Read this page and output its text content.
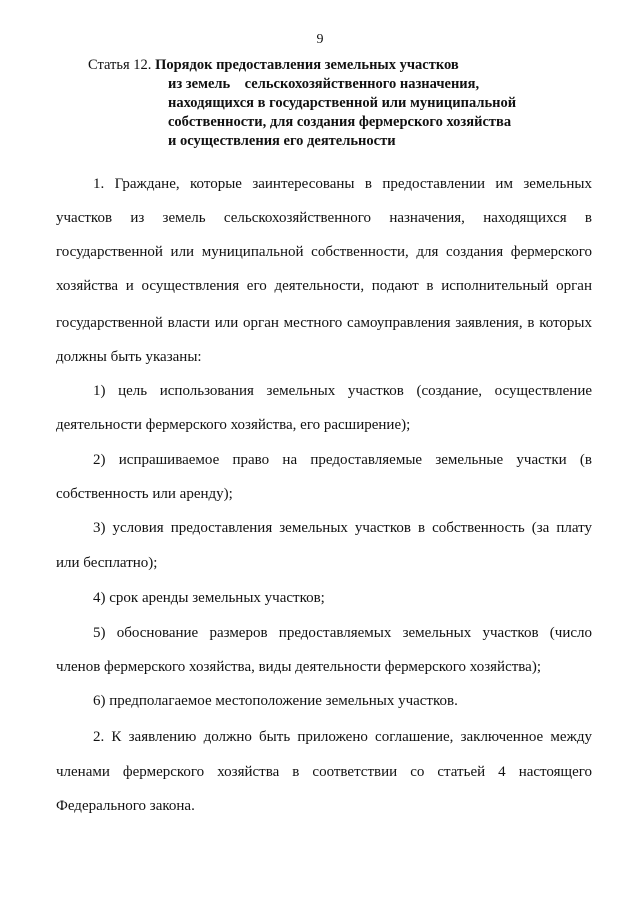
9
Статья 12. Порядок предоставления земельных участков
из земель    сельскохозяйственного назначения,
находящихся в государственной или муниципальной
собственности, для создания фермерского хозяйства
и осуществления его деятельности
1. Граждане, которые заинтересованы в предоставлении им земельных
участков из земель сельскохозяйственного назначения, находящихся в
государственной или муниципальной собственности, для создания фермерского
хозяйства и осуществления его деятельности, подают в исполнительный орган
государственной власти или орган местного самоуправления заявления, в которых
должны быть указаны:
1) цель использования земельных участков (создание, осуществление
деятельности фермерского хозяйства, его расширение);
2) испрашиваемое право на предоставляемые земельные участки (в
собственность или аренду);
3) условия предоставления земельных участков в собственность (за плату
или бесплатно);
4) срок аренды земельных участков;
5) обоснование размеров предоставляемых земельных участков (число
членов фермерского хозяйства, виды деятельности фермерского хозяйства);
6) предполагаемое местоположение земельных участков.
2. К заявлению должно быть приложено соглашение, заключенное между
членами фермерского хозяйства в соответствии со статьей 4 настоящего
Федерального закона.
